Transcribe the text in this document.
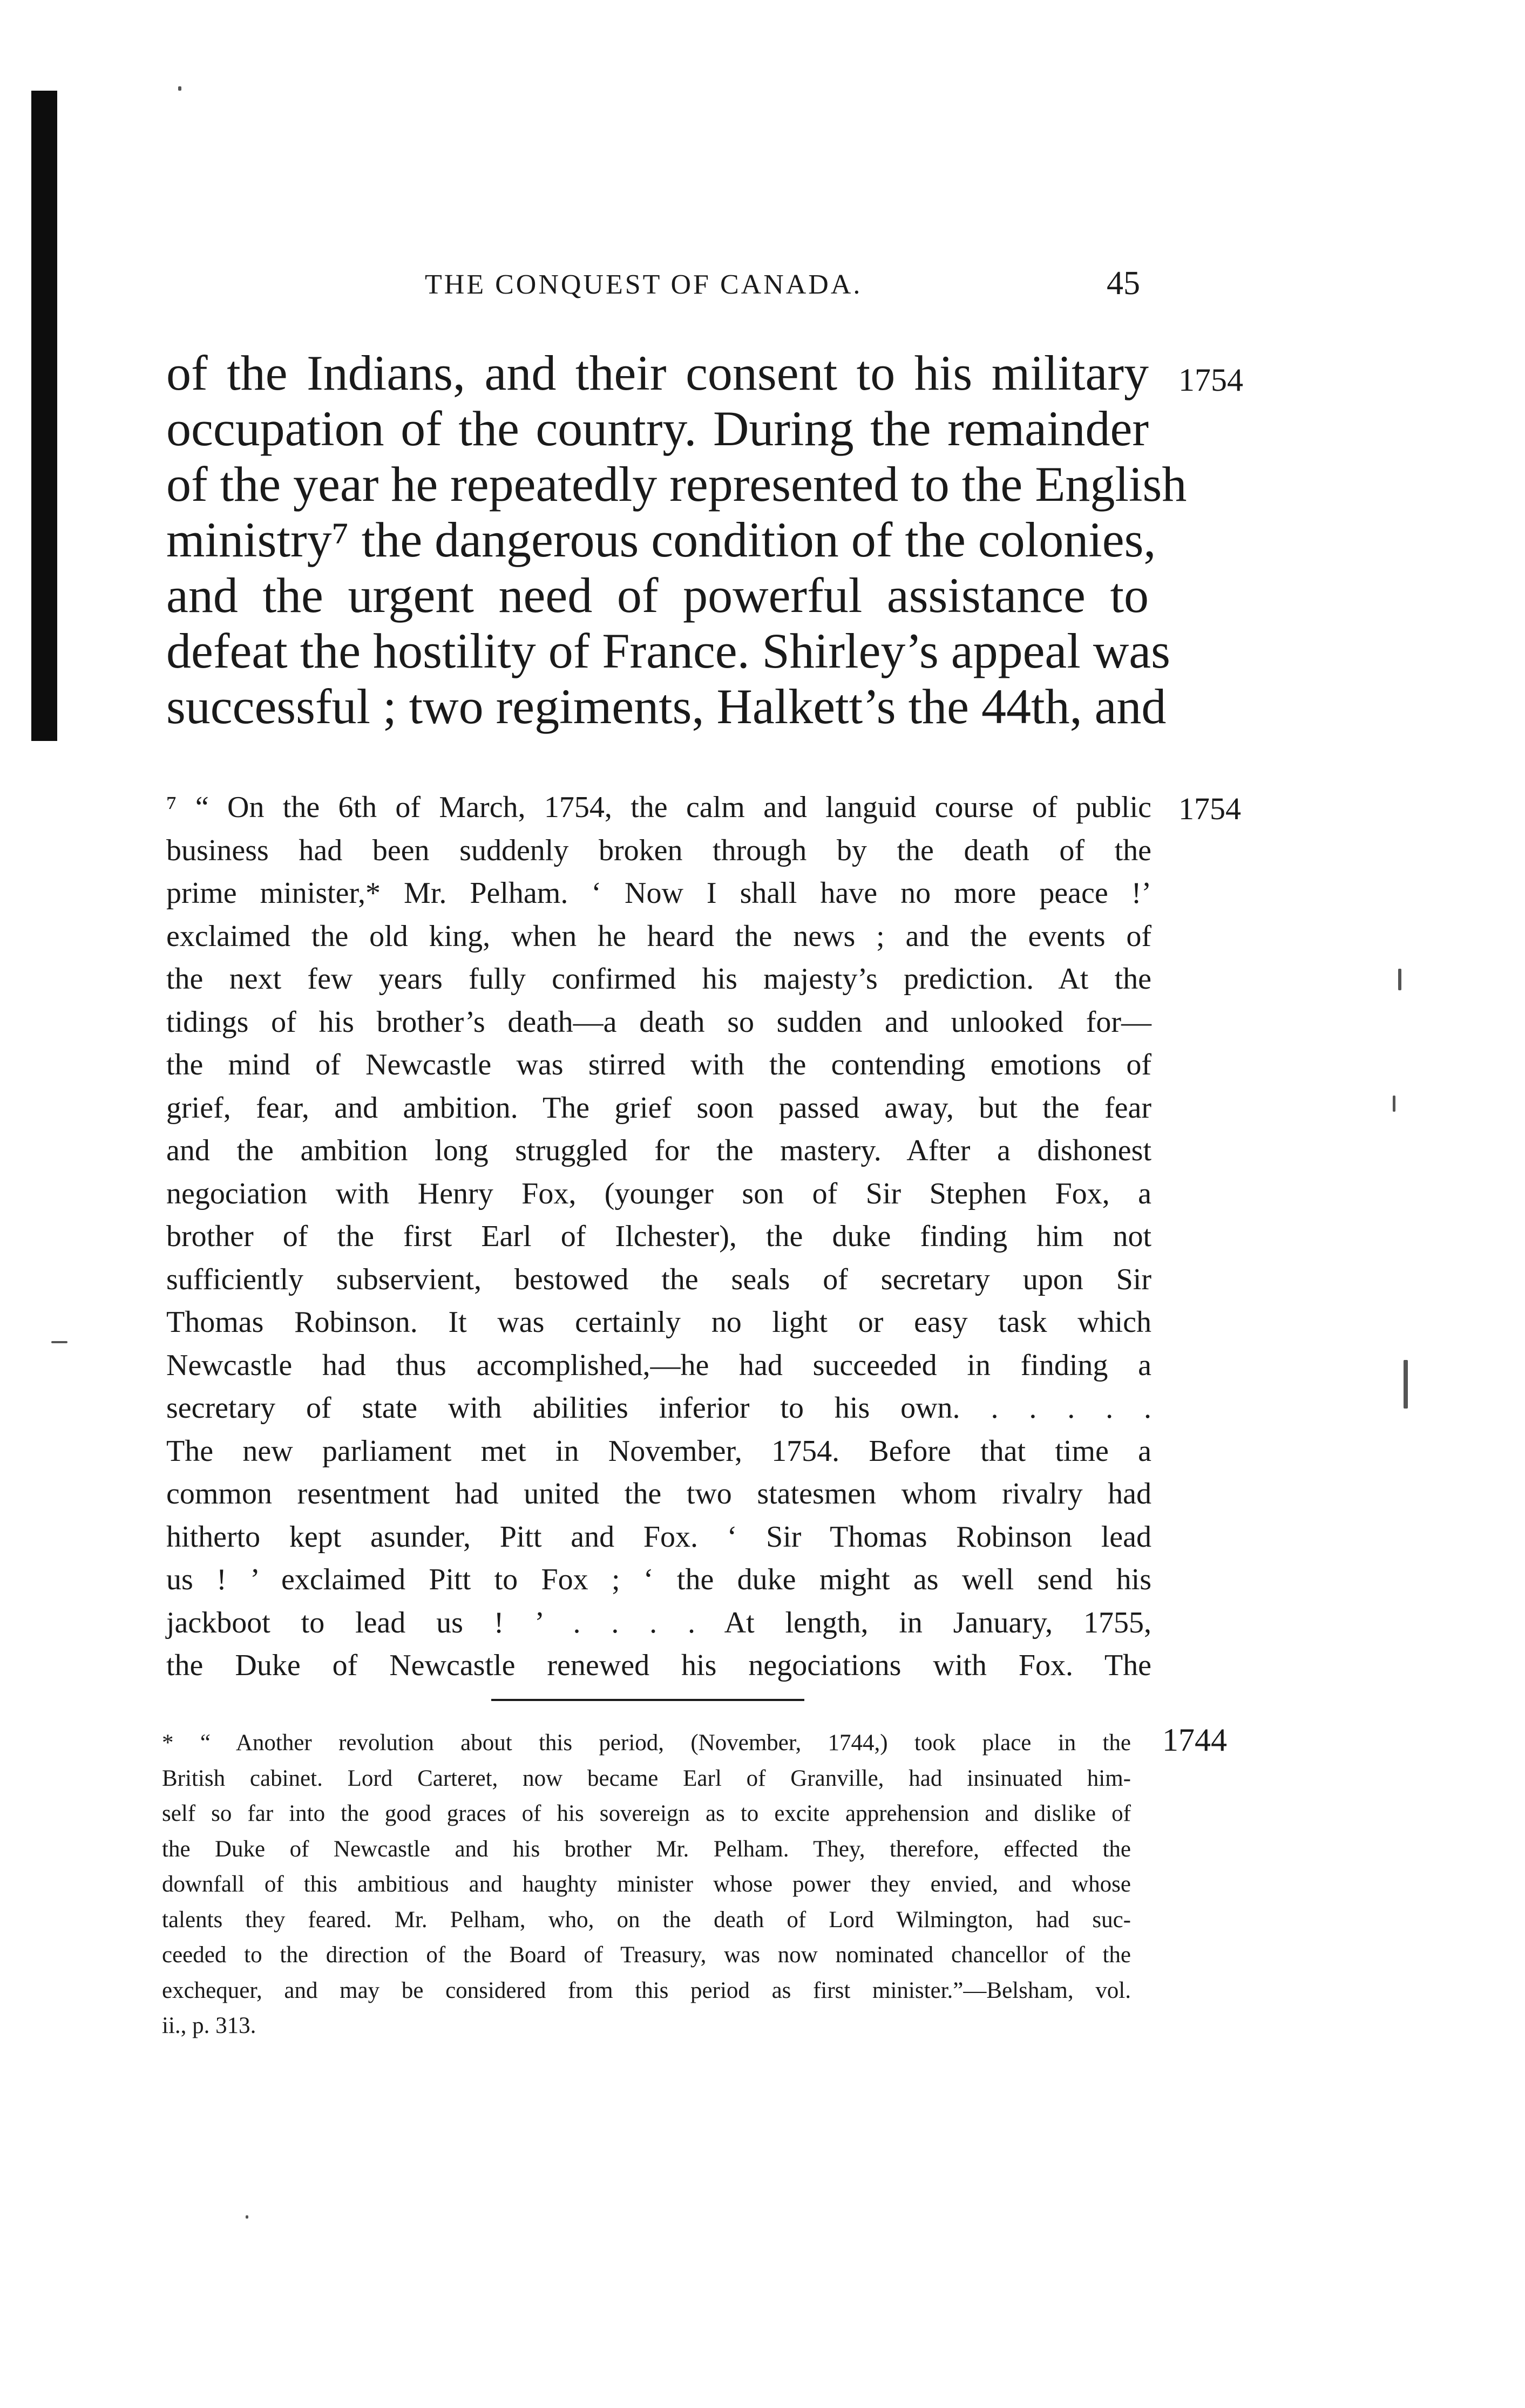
THE CONQUEST OF CANADA.	45
1754
1754
1744
of the Indians, and their consent to his military
occupation of the country. During the remainder
of the year he repeatedly represented to the English
ministry⁷ the dangerous condition of the colonies,
and the urgent need of powerful assistance to
defeat the hostility of France. Shirley’s appeal was
successful ; two regiments, Halkett’s the 44th, and
⁷ “ On the 6th of March, 1754, the calm and languid course of public
business had been suddenly broken through by the death of the
prime minister,* Mr. Pelham. ‘ Now I shall have no more peace !’
exclaimed the old king, when he heard the news ; and the events of
the next few years fully confirmed his majesty’s prediction. At the
tidings of his brother’s death—a death so sudden and unlooked for—
the mind of Newcastle was stirred with the contending emotions of
grief, fear, and ambition. The grief soon passed away, but the fear
and the ambition long struggled for the mastery. After a dishonest
negociation with Henry Fox, (younger son of Sir Stephen Fox, a
brother of the first Earl of Ilchester), the duke finding him not
sufficiently subservient, bestowed the seals of secretary upon Sir
Thomas Robinson. It was certainly no light or easy task which
Newcastle had thus accomplished,—he had succeeded in finding a
secretary of state with abilities inferior to his own. . . . . .
The new parliament met in November, 1754. Before that time a
common resentment had united the two statesmen whom rivalry had
hitherto kept asunder, Pitt and Fox. ‘ Sir Thomas Robinson lead
us ! ’ exclaimed Pitt to Fox ; ‘ the duke might as well send his
jackboot to lead us ! ’ . . . . At length, in January, 1755,
the Duke of Newcastle renewed his negociations with Fox. The
* “ Another revolution about this period, (November, 1744,) took place in the
British cabinet. Lord Carteret, now became Earl of Granville, had insinuated him-
self so far into the good graces of his sovereign as to excite apprehension and dislike of
the Duke of Newcastle and his brother Mr. Pelham. They, therefore, effected the
downfall of this ambitious and haughty minister whose power they envied, and whose
talents they feared. Mr. Pelham, who, on the death of Lord Wilmington, had suc-
ceeded to the direction of the Board of Treasury, was now nominated chancellor of the
exchequer, and may be considered from this period as first minister.”—Belsham, vol.
ii., p. 313.
